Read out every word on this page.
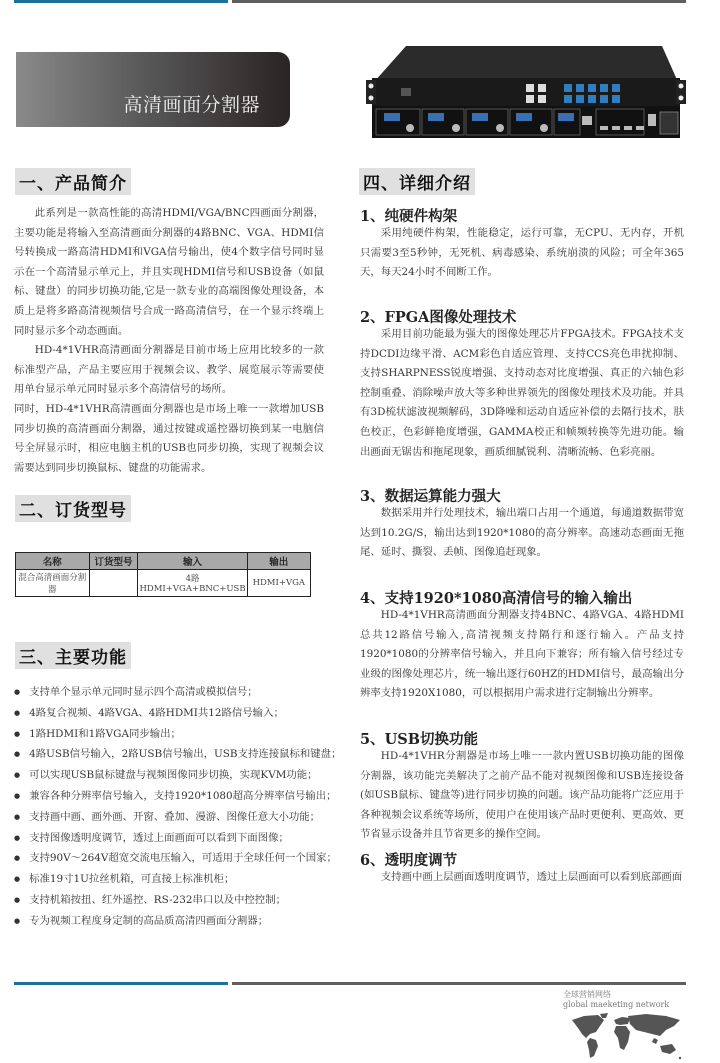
高清画面分割器
一、产品简介

此系列是一款高性能的高清HDMI/VGA/BNC四画面分割器，主要功能是将输入至高清画面分割器的4路BNC、VGA、HDMI信号转换成一路高清HDMI和VGA信号输出，使4个数字信号同时显示在一个高清显示单元上，并且实现HDMI信号和USB设备（如鼠标、键盘）的同步切换功能,它是一款专业的高端图像处理设备，本质上是将多路高清视频信号合成一路高清信号，在一个显示终端上同时显示多个动态画面。

HD-4*1VHR高清画面分割器是目前市场上应用比较多的一款标准型产品，产品主要应用于视频会议、教学、展览展示等需要使用单台显示单元同时显示多个高清信号的场所。

同时，HD-4*1VHR高清画面分割器也是市场上唯一一款增加USB同步切换的高清画面分割器，通过按键或遥控器切换到某一电脑信号全屏显示时，相应电脑主机的USB也同步切换，实现了视频会议需要达到同步切换鼠标、键盘的功能需求。

二、订货型号
名称	订货型号	输入	输出
混合高清画面分割器		4路HDMI+VGA+BNC+USB	HDMI+VGA
三、主要功能
● 支持单个显示单元同时显示四个高清或模拟信号；
● 4路复合视频、4路VGA、4路HDMI共12路信号输入；
● 1路HDMI和1路VGA同步输出；
● 4路USB信号输入，2路USB信号输出，USB支持连接鼠标和键盘；
● 可以实现USB鼠标键盘与视频图像同步切换，实现KVM功能；
● 兼容各种分辨率信号输入，支持1920*1080超高分辨率信号输出；
● 支持画中画、画外画、开窗、叠加、漫游、图像任意大小功能；
● 支持图像透明度调节，透过上面画面可以看到下面图像；
● 支持90V～264V超宽交流电压输入，可适用于全球任何一个国家；
● 标准19寸1U拉丝机箱，可直接上标准机柜；
● 支持机箱按扭、红外遥控、RS-232串口以及中控控制；
● 专为视频工程度身定制的高品质高清四画面分割器；
四、详细介绍
1、纯硬件构架
采用纯硬件构架，性能稳定，运行可靠，无CPU、无内存，开机只需要3至5秒钟，无死机、病毒感染、系统崩溃的风险；可全年365天，每天24小时不间断工作。
2、FPGA图像处理技术
采用目前功能最为强大的图像处理芯片FPGA技术。FPGA技术支持DCDI边缘平滑、ACM彩色自适应管理、支持CCS亮色串扰抑制、支持SHARPNESS锐度增强、支持动态对比度增强、真正的六轴色彩控制重叠、消除噪声放大等多种世界领先的图像处理技术及功能。并具有3D梳状滤波视频解码，3D降噪和运动自适应补偿的去隔行技术，肤色校正，色彩鲜艳度增强，GAMMA校正和帧频转换等先进功能。输出画面无锯齿和拖尾现象，画质细腻锐利、清晰流畅、色彩亮丽。
3、数据运算能力强大
数据采用并行处理技术，输出端口占用一个通道，每通道数据带宽达到10.2G/S，输出达到1920*1080的高分辨率。高速动态画面无拖尾、延时、撕裂、丢帧、图像追赶现象。
4、支持1920*1080高清信号的输入输出
HD-4*1VHR高清画面分割器支持4BNC、4路VGA、4路HDMI总共12路信号输入,高清视频支持隔行和逐行输入。产品支持1920*1080的分辨率信号输入，并且向下兼容；所有输入信号经过专业级的图像处理芯片，统一输出逐行60HZ的HDMI信号，最高输出分辨率支持1920X1080，可以根据用户需求进行定制输出分辨率。
5、USB切换功能
HD-4*1VHR分割器是市场上唯一一款内置USB切换功能的图像分割器，该功能完美解决了之前产品不能对视频图像和USB连接设备(如USB鼠标、键盘等)进行同步切换的问题。该产品功能将广泛应用于各种视频会议系统等场所，使用户在使用该产品时更便利、更高效、更节省显示设备并且节省更多的操作空间。
6、透明度调节
支持画中画上层画面透明度调节，透过上层画面可以看到底部画面
全球营销网络
global maeketing network
